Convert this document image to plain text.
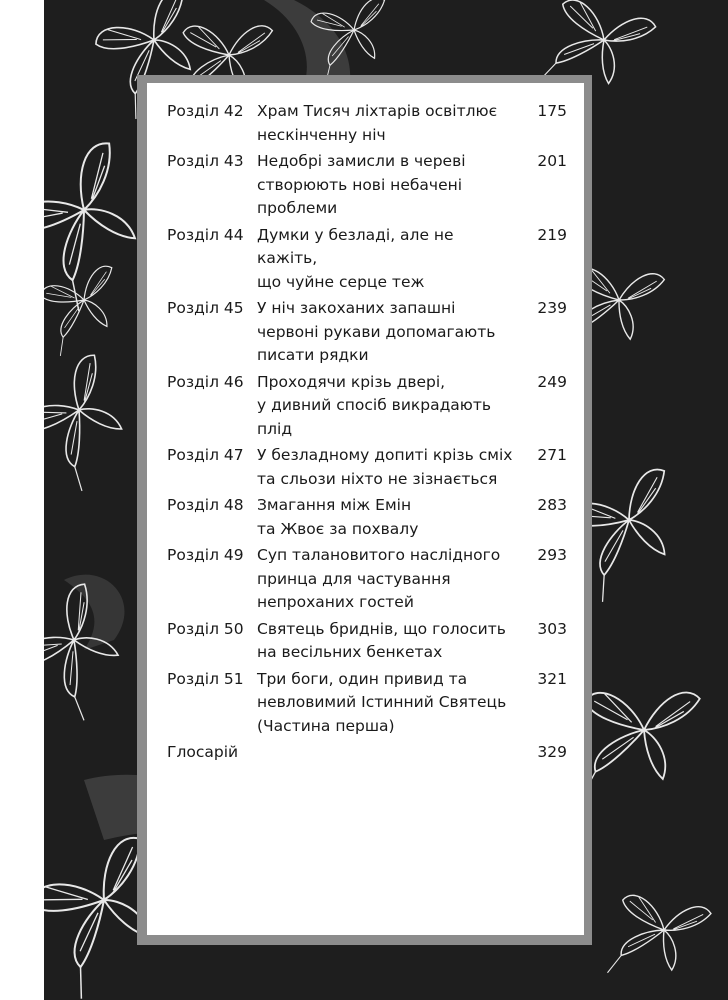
Розділ 42 Храм Тисяч ліхтарів освітлює
нескінченну ніч
175
Розділ 43 Недобрі замисли в череві
створюють нові небачені
проблеми
201
Розділ 44 Думки у безладі, але не кажіть,
що чуйне серце теж
219
Розділ 45 У ніч закоханих запашні
червоні рукави допомагають
писати рядки
239
Розділ 46 Проходячи крізь двері,
у дивний спосіб викрадають плід
249
Розділ 47 У безладному допиті крізь сміх
та сльози ніхто не зізнається
271
Розділ 48 Змагання між Емін
та Жвоє за похвалу
283
Розділ 49 Суп талановитого наслідного
принца для частування
непроханих гостей
293
Розділ 50 Святець бриднів, що голосить
на весільних бенкетах
303
Розділ 51 Три боги, один привид та
невловимий Істинний Святець
(Частина перша)
321
Глосарій	329
